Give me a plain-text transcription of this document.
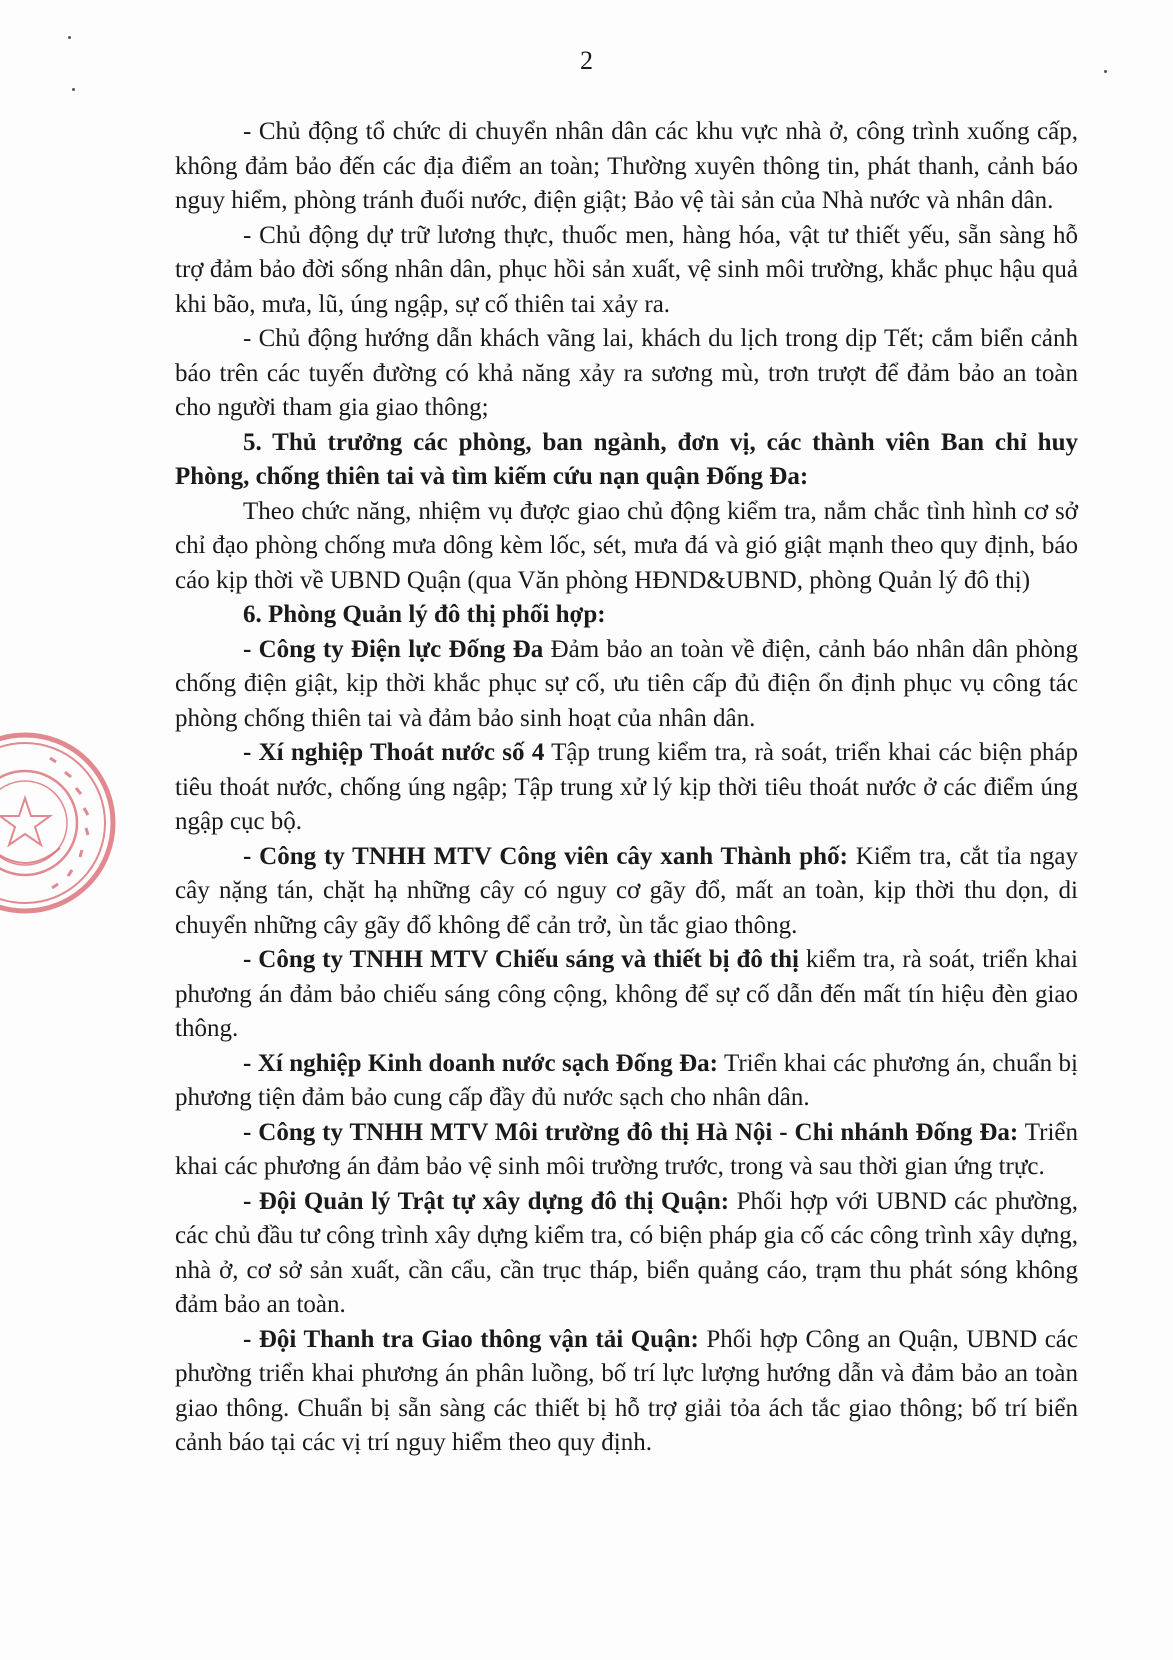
2

- Chủ động tổ chức di chuyển nhân dân các khu vực nhà ở, công trình xuống cấp, không đảm bảo đến các địa điểm an toàn; Thường xuyên thông tin, phát thanh, cảnh báo nguy hiểm, phòng tránh đuối nước, điện giật; Bảo vệ tài sản của Nhà nước và nhân dân.

- Chủ động dự trữ lương thực, thuốc men, hàng hóa, vật tư thiết yếu, sẵn sàng hỗ trợ đảm bảo đời sống nhân dân, phục hồi sản xuất, vệ sinh môi trường, khắc phục hậu quả khi bão, mưa, lũ, úng ngập, sự cố thiên tai xảy ra.

- Chủ động hướng dẫn khách vãng lai, khách du lịch trong dịp Tết; cắm biển cảnh báo trên các tuyến đường có khả năng xảy ra sương mù, trơn trượt để đảm bảo an toàn cho người tham gia giao thông;

5. Thủ trưởng các phòng, ban ngành, đơn vị, các thành viên Ban chỉ huy Phòng, chống thiên tai và tìm kiếm cứu nạn quận Đống Đa:

Theo chức năng, nhiệm vụ được giao chủ động kiểm tra, nắm chắc tình hình cơ sở chỉ đạo phòng chống mưa dông kèm lốc, sét, mưa đá và gió giật mạnh theo quy định, báo cáo kịp thời về UBND Quận (qua Văn phòng HĐND&UBND, phòng Quản lý đô thị)

6. Phòng Quản lý đô thị phối hợp:

- Công ty Điện lực Đống Đa Đảm bảo an toàn về điện, cảnh báo nhân dân phòng chống điện giật, kịp thời khắc phục sự cố, ưu tiên cấp đủ điện ổn định phục vụ công tác phòng chống thiên tai và đảm bảo sinh hoạt của nhân dân.

- Xí nghiệp Thoát nước số 4 Tập trung kiểm tra, rà soát, triển khai các biện pháp tiêu thoát nước, chống úng ngập; Tập trung xử lý kịp thời tiêu thoát nước ở các điểm úng ngập cục bộ.

- Công ty TNHH MTV Công viên cây xanh Thành phố: Kiểm tra, cắt tỉa ngay cây nặng tán, chặt hạ những cây có nguy cơ gãy đổ, mất an toàn, kịp thời thu dọn, di chuyển những cây gãy đổ không để cản trở, ùn tắc giao thông.

- Công ty TNHH MTV Chiếu sáng và thiết bị đô thị kiểm tra, rà soát, triển khai phương án đảm bảo chiếu sáng công cộng, không để sự cố dẫn đến mất tín hiệu đèn giao thông.

- Xí nghiệp Kinh doanh nước sạch Đống Đa: Triển khai các phương án, chuẩn bị phương tiện đảm bảo cung cấp đầy đủ nước sạch cho nhân dân.

- Công ty TNHH MTV Môi trường đô thị Hà Nội - Chi nhánh Đống Đa: Triển khai các phương án đảm bảo vệ sinh môi trường trước, trong và sau thời gian ứng trực.

- Đội Quản lý Trật tự xây dựng đô thị Quận: Phối hợp với UBND các phường, các chủ đầu tư công trình xây dựng kiểm tra, có biện pháp gia cố các công trình xây dựng, nhà ở, cơ sở sản xuất, cần cẩu, cần trục tháp, biển quảng cáo, trạm thu phát sóng không đảm bảo an toàn.

- Đội Thanh tra Giao thông vận tải Quận: Phối hợp Công an Quận, UBND các phường triển khai phương án phân luồng, bố trí lực lượng hướng dẫn và đảm bảo an toàn giao thông. Chuẩn bị sẵn sàng các thiết bị hỗ trợ giải tỏa ách tắc giao thông; bố trí biển cảnh báo tại các vị trí nguy hiểm theo quy định.
